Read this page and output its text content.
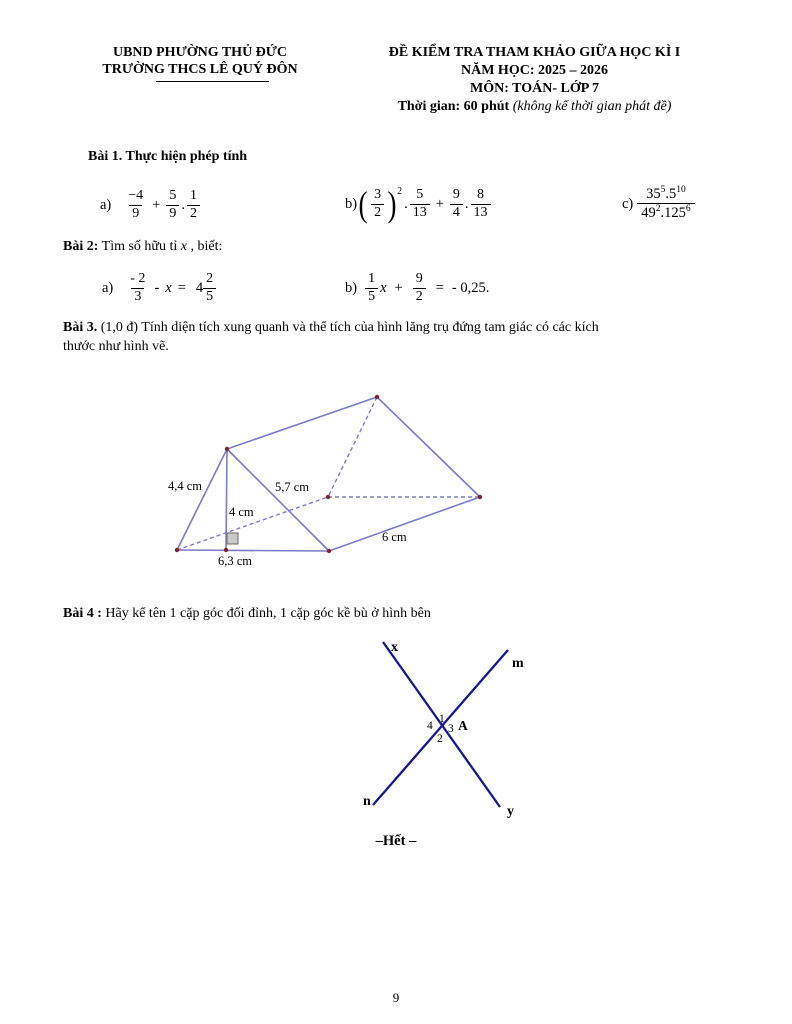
UBND PHƯỜNG THỦ ĐỨC
TRƯỜNG THCS LÊ QUÝ ĐÔN
ĐỀ KIỂM TRA THAM KHẢO GIỮA HỌC KÌ I
NĂM HỌC: 2025 – 2026
MÔN: TOÁN- LỚP 7
Thời gian: 60 phút (không kể thời gian phát đề)
Bài 1. Thực hiện phép tính
$a) \frac{-4}{9} + \frac{5}{9}$ . $\frac{1}{2}$	b) ( $\frac{3}{2}$ ) 2
. $\frac{5}{13} + \frac{9}{4}$ . $\frac{8}{13}$	$c) \frac{35^5.5^{10}}{49^2.125^6}$
Bài 2: Tìm số hữu tỉ x , biết:
$a) \frac{- 2}{3} - x = 4 \frac{2}{5}$	$b) \frac{1}{5}$ $x + \frac{9}{2}$ = - 0,25.
Bài 3. (1,0 đ) Tính diện tích xung quanh và thể tích của hình lăng trụ đứng tam giác có các kích
thước như hình vẽ.
4,4 cm	5,7 cm
4 cm
6,3 cm
6 cm
Bài 4 : Hãy kể tên 1 cặp góc đối đỉnh, 1 cặp góc kề bù ở hình bên
x
m
n
y
1
4 3
2
A
–Hết –
9
